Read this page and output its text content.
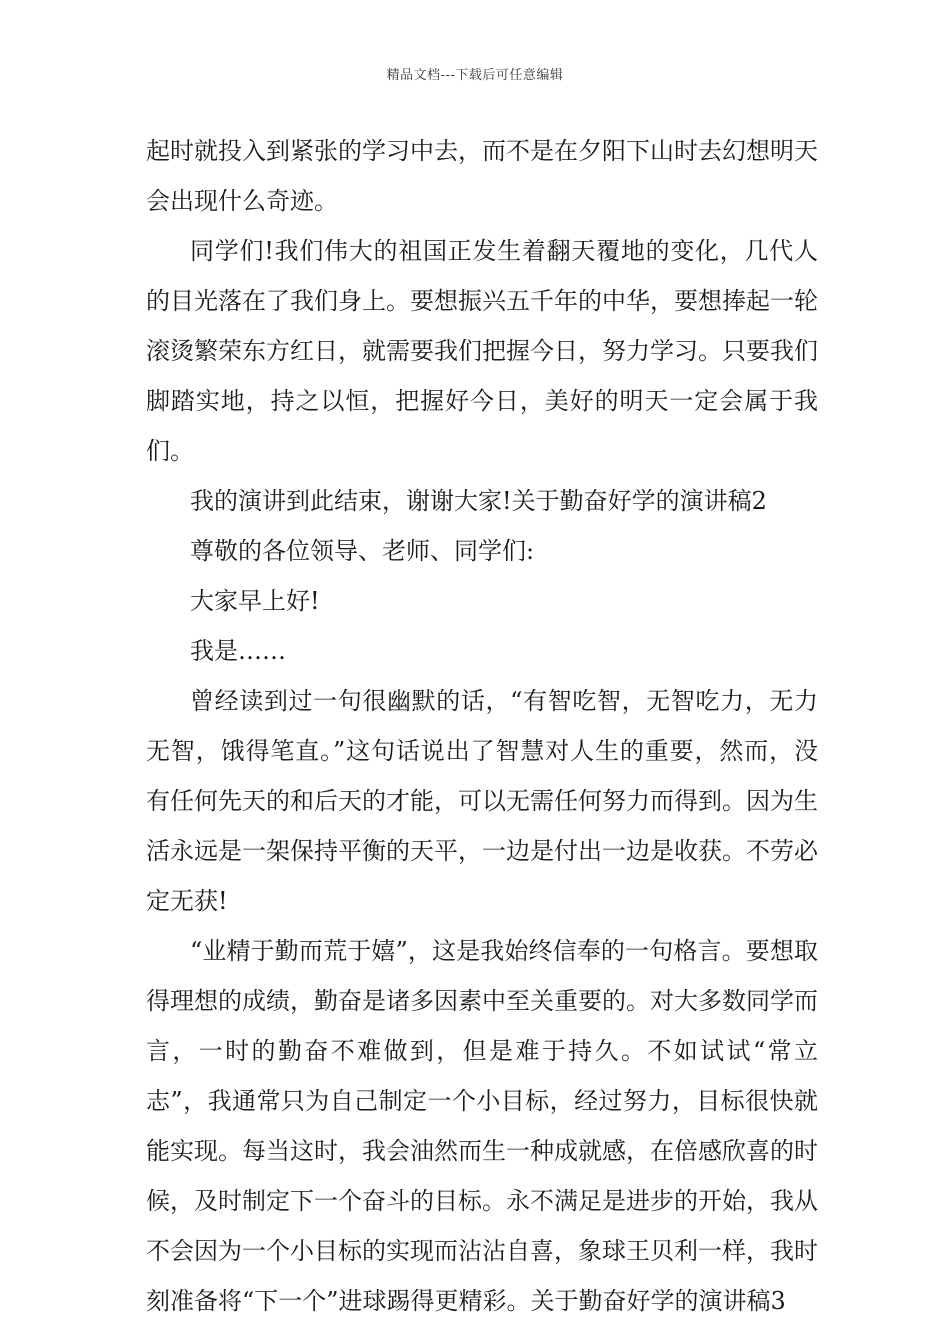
精品文档---下载后可任意编辑

起时就投入到紧张的学习中去，而不是在夕阳下山时去幻想明天会出现什么奇迹。

同学们!我们伟大的祖国正发生着翻天覆地的变化，几代人的目光落在了我们身上。要想振兴五千年的中华，要想捧起一轮滚烫繁荣东方红日，就需要我们把握今日，努力学习。只要我们脚踏实地，持之以恒，把握好今日，美好的明天一定会属于我们。

我的演讲到此结束，谢谢大家!关于勤奋好学的演讲稿2

尊敬的各位领导、老师、同学们:

大家早上好!

我是……

曾经读到过一句很幽默的话，“有智吃智，无智吃力，无力无智，饿得笔直。”这句话说出了智慧对人生的重要，然而，没有任何先天的和后天的才能，可以无需任何努力而得到。因为生活永远是一架保持平衡的天平，一边是付出一边是收获。不劳必定无获!

“业精于勤而荒于嬉”，这是我始终信奉的一句格言。要想取得理想的成绩，勤奋是诸多因素中至关重要的。对大多数同学而言，一时的勤奋不难做到，但是难于持久。不如试试“常立志”，我通常只为自己制定一个小目标，经过努力，目标很快就能实现。每当这时，我会油然而生一种成就感，在倍感欣喜的时候，及时制定下一个奋斗的目标。永不满足是进步的开始，我从不会因为一个小目标的实现而沾沾自喜，象球王贝利一样，我时刻准备将“下一个”进球踢得更精彩。关于勤奋好学的演讲稿3
